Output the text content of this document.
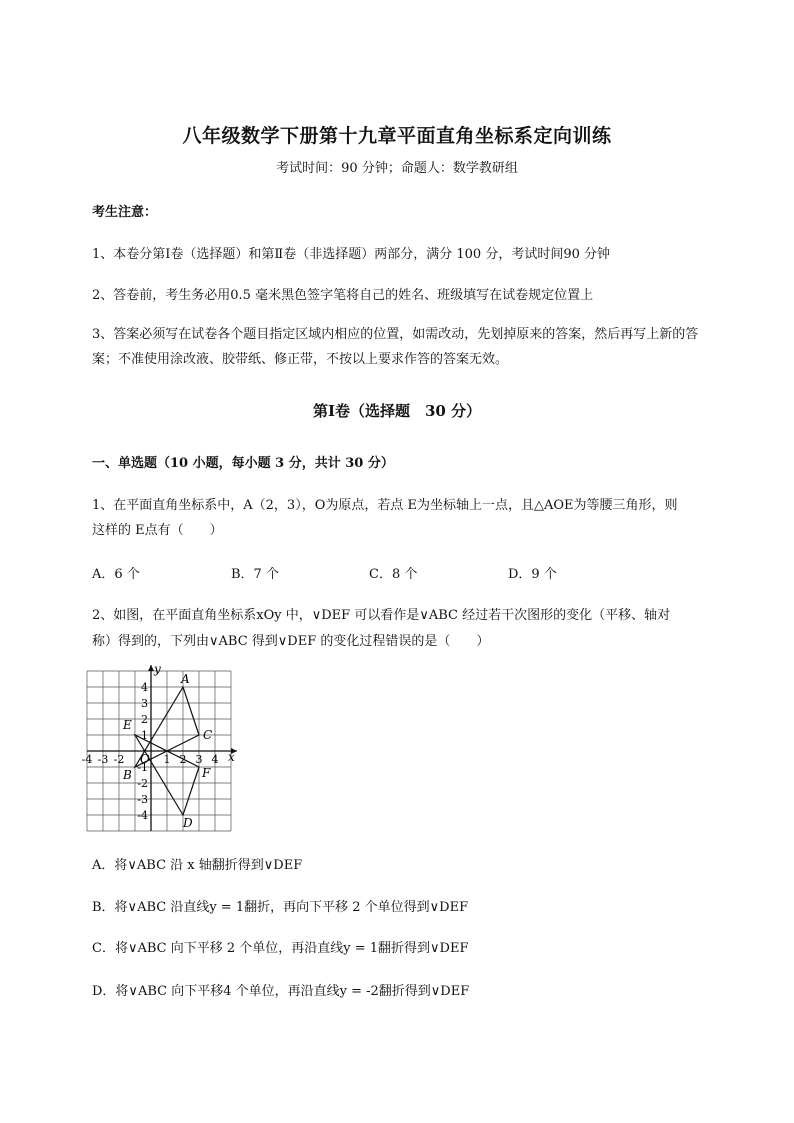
八年级数学下册第十九章平面直角坐标系定向训练
考试时间：90 分钟；命题人：数学教研组
考生注意：
1、本卷分第Ⅰ卷（选择题）和第Ⅱ卷（非选择题）两部分，满分 100 分，考试时间90 分钟
2、答卷前，考生务必用0.5 毫米黑色签字笔将自己的姓名、班级填写在试卷规定位置上
3、答案必须写在试卷各个题目指定区域内相应的位置，如需改动，先划掉原来的答案，然后再写上新的答案；不准使用涂改液、胶带纸、修正带，不按以上要求作答的答案无效。
第Ⅰ卷（选择题　30 分）
一、单选题（10 小题，每小题 3 分，共计 30 分）
1、在平面直角坐标系中，A（2，3），O为原点，若点 E为坐标轴上一点，且△AOE为等腰三角形，则
这样的 E点有（　　）
A．6 个	B．7 个	C．8 个	D．9 个
2、如图，在平面直角坐标系xOy 中，∨DEF 可以看作是∨ABC 经过若干次图形的变化（平移、轴对
称）得到的，下列由∨ABC 得到∨DEF 的变化过程错误的是（　　）
x
y
O
-4 -3 -2	1 2 3 4
4
3
2
1
-1
-2
-3
-4
A
B
C
D
E
F
A．将∨ABC 沿 x 轴翻折得到∨DEF
B．将∨ABC 沿直线y = 1翻折，再向下平移 2 个单位得到∨DEF
C．将∨ABC 向下平移 2 个单位，再沿直线y = 1翻折得到∨DEF
D．将∨ABC 向下平移4 个单位，再沿直线y = -2翻折得到∨DEF
